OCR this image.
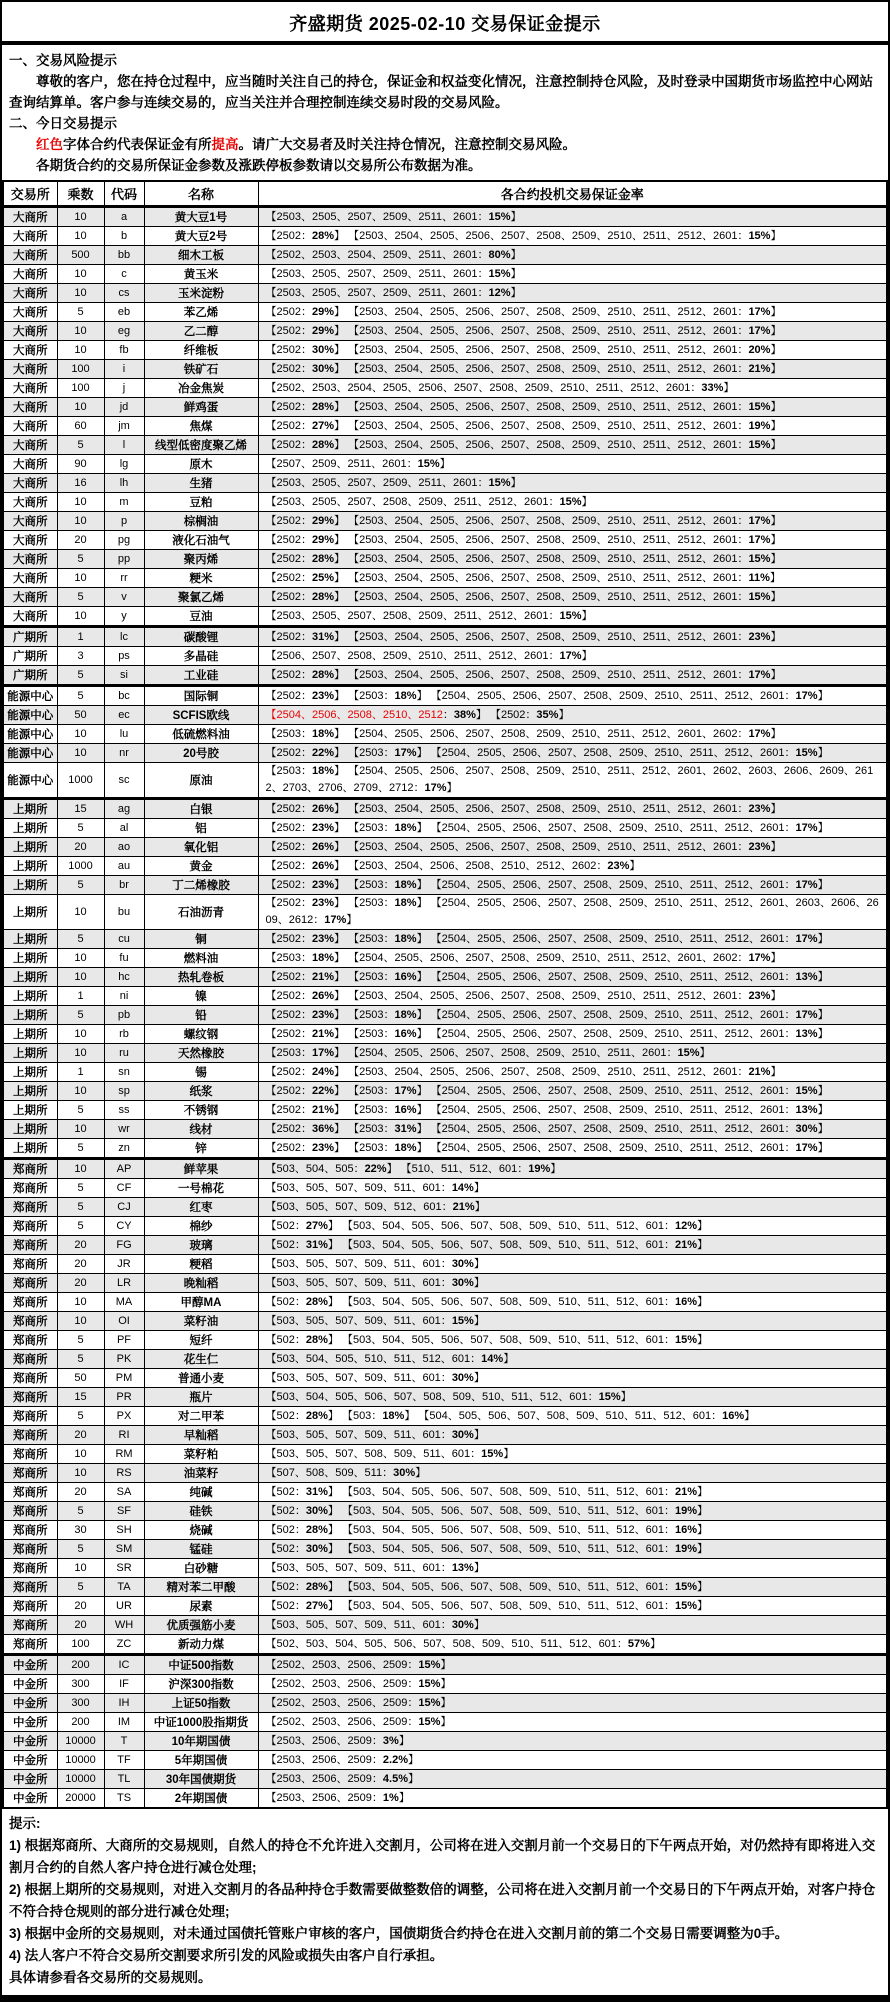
齐盛期货 2025-02-10 交易保证金提示

一、交易风险提示

尊敬的客户，您在持仓过程中，应当随时关注自己的持仓，保证金和权益变化情况，注意控制持仓风险，及时登录中国期货市场监控中心网站查询结算单。客户参与连续交易的，应当关注并合理控制连续交易时段的交易风险。

二、今日交易提示

红色字体合约代表保证金有所提高。请广大交易者及时关注持仓情况，注意控制交易风险。

各期货合约的交易所保证金参数及涨跌停板参数请以交易所公布数据为准。

交易所	乘数	代码	名称	各合约投机交易保证金率
大商所	10	a	黄大豆1号	【2503、2505、2507、2509、2511、2601：15%】
大商所	10	b	黄大豆2号	【2502：28%】 【2503、2504、2505、2506、2507、2508、2509、2510、2511、2512、2601：15%】
大商所	500	bb	细木工板	【2502、2503、2504、2509、2511、2601：80%】
大商所	10	c	黄玉米	【2503、2505、2507、2509、2511、2601：15%】
大商所	10	cs	玉米淀粉	【2503、2505、2507、2509、2511、2601：12%】
大商所	5	eb	苯乙烯	【2502：29%】 【2503、2504、2505、2506、2507、2508、2509、2510、2511、2512、2601：17%】
大商所	10	eg	乙二醇	【2502：29%】 【2503、2504、2505、2506、2507、2508、2509、2510、2511、2512、2601：17%】
大商所	10	fb	纤维板	【2502：30%】 【2503、2504、2505、2506、2507、2508、2509、2510、2511、2512、2601：20%】
大商所	100	i	铁矿石	【2502：30%】 【2503、2504、2505、2506、2507、2508、2509、2510、2511、2512、2601：21%】
大商所	100	j	冶金焦炭	【2502、2503、2504、2505、2506、2507、2508、2509、2510、2511、2512、2601：33%】
大商所	10	jd	鲜鸡蛋	【2502：28%】 【2503、2504、2505、2506、2507、2508、2509、2510、2511、2512、2601：15%】
大商所	60	jm	焦煤	【2502：27%】 【2503、2504、2505、2506、2507、2508、2509、2510、2511、2512、2601：19%】
大商所	5	l	线型低密度聚乙烯	【2502：28%】 【2503、2504、2505、2506、2507、2508、2509、2510、2511、2512、2601：15%】
大商所	90	lg	原木	【2507、2509、2511、2601：15%】
大商所	16	lh	生猪	【2503、2505、2507、2509、2511、2601：15%】
大商所	10	m	豆粕	【2503、2505、2507、2508、2509、2511、2512、2601：15%】
大商所	10	p	棕榈油	【2502：29%】 【2503、2504、2505、2506、2507、2508、2509、2510、2511、2512、2601：17%】
大商所	20	pg	液化石油气	【2502：29%】 【2503、2504、2505、2506、2507、2508、2509、2510、2511、2512、2601：17%】
大商所	5	pp	聚丙烯	【2502：28%】 【2503、2504、2505、2506、2507、2508、2509、2510、2511、2512、2601：15%】
大商所	10	rr	粳米	【2502：25%】 【2503、2504、2505、2506、2507、2508、2509、2510、2511、2512、2601：11%】
大商所	5	v	聚氯乙烯	【2502：28%】 【2503、2504、2505、2506、2507、2508、2509、2510、2511、2512、2601：15%】
大商所	10	y	豆油	【2503、2505、2507、2508、2509、2511、2512、2601：15%】
广期所	1	lc	碳酸锂	【2502：31%】 【2503、2504、2505、2506、2507、2508、2509、2510、2511、2512、2601：23%】
广期所	3	ps	多晶硅	【2506、2507、2508、2509、2510、2511、2512、2601：17%】
广期所	5	si	工业硅	【2502：28%】 【2503、2504、2505、2506、2507、2508、2509、2510、2511、2512、2601：17%】
能源中心	5	bc	国际铜	【2502：23%】 【2503：18%】 【2504、2505、2506、2507、2508、2509、2510、2511、2512、2601：17%】
能源中心	50	ec	SCFIS欧线	【2504、2506、2508、2510、2512：38%】 【2502：35%】
能源中心	10	lu	低硫燃料油	【2503：18%】 【2504、2505、2506、2507、2508、2509、2510、2511、2512、2601、2602：17%】
能源中心	10	nr	20号胶	【2502：22%】 【2503：17%】 【2504、2505、2506、2507、2508、2509、2510、2511、2512、2601：15%】
能源中心	1000	sc	原油	【2503：18%】 【2504、2505、2506、2507、2508、2509、2510、2511、2512、2601、2602、2603、2606、2609、2612、2703、2706、2709、2712：17%】
上期所	15	ag	白银	【2502：26%】 【2503、2504、2505、2506、2507、2508、2509、2510、2511、2512、2601：23%】
上期所	5	al	铝	【2502：23%】 【2503：18%】 【2504、2505、2506、2507、2508、2509、2510、2511、2512、2601：17%】
上期所	20	ao	氧化铝	【2502：26%】 【2503、2504、2505、2506、2507、2508、2509、2510、2511、2512、2601：23%】
上期所	1000	au	黄金	【2502：26%】 【2503、2504、2506、2508、2510、2512、2602：23%】
上期所	5	br	丁二烯橡胶	【2502：23%】 【2503：18%】 【2504、2505、2506、2507、2508、2509、2510、2511、2512、2601：17%】
上期所	10	bu	石油沥青	【2502：23%】 【2503：18%】 【2504、2505、2506、2507、2508、2509、2510、2511、2512、2601、2603、2606、2609、2612：17%】
上期所	5	cu	铜	【2502：23%】 【2503：18%】 【2504、2505、2506、2507、2508、2509、2510、2511、2512、2601：17%】
上期所	10	fu	燃料油	【2503：18%】 【2504、2505、2506、2507、2508、2509、2510、2511、2512、2601、2602：17%】
上期所	10	hc	热轧卷板	【2502：21%】 【2503：16%】 【2504、2505、2506、2507、2508、2509、2510、2511、2512、2601：13%】
上期所	1	ni	镍	【2502：26%】 【2503、2504、2505、2506、2507、2508、2509、2510、2511、2512、2601：23%】
上期所	5	pb	铅	【2502：23%】 【2503：18%】 【2504、2505、2506、2507、2508、2509、2510、2511、2512、2601：17%】
上期所	10	rb	螺纹钢	【2502：21%】 【2503：16%】 【2504、2505、2506、2507、2508、2509、2510、2511、2512、2601：13%】
上期所	10	ru	天然橡胶	【2503：17%】 【2504、2505、2506、2507、2508、2509、2510、2511、2601：15%】
上期所	1	sn	锡	【2502：24%】 【2503、2504、2505、2506、2507、2508、2509、2510、2511、2512、2601：21%】
上期所	10	sp	纸浆	【2502：22%】 【2503：17%】 【2504、2505、2506、2507、2508、2509、2510、2511、2512、2601：15%】
上期所	5	ss	不锈钢	【2502：21%】 【2503：16%】 【2504、2505、2506、2507、2508、2509、2510、2511、2512、2601：13%】
上期所	10	wr	线材	【2502：36%】 【2503：31%】 【2504、2505、2506、2507、2508、2509、2510、2511、2512、2601：30%】
上期所	5	zn	锌	【2502：23%】 【2503：18%】 【2504、2505、2506、2507、2508、2509、2510、2511、2512、2601：17%】
郑商所	10	AP	鲜苹果	【503、504、505：22%】 【510、511、512、601：19%】
郑商所	5	CF	一号棉花	【503、505、507、509、511、601：14%】
郑商所	5	CJ	红枣	【503、505、507、509、512、601：21%】
郑商所	5	CY	棉纱	【502：27%】 【503、504、505、506、507、508、509、510、511、512、601：12%】
郑商所	20	FG	玻璃	【502：31%】 【503、504、505、506、507、508、509、510、511、512、601：21%】
郑商所	20	JR	粳稻	【503、505、507、509、511、601：30%】
郑商所	20	LR	晚籼稻	【503、505、507、509、511、601：30%】
郑商所	10	MA	甲醇MA	【502：28%】 【503、504、505、506、507、508、509、510、511、512、601：16%】
郑商所	10	OI	菜籽油	【503、505、507、509、511、601：15%】
郑商所	5	PF	短纤	【502：28%】 【503、504、505、506、507、508、509、510、511、512、601：15%】
郑商所	5	PK	花生仁	【503、504、505、510、511、512、601：14%】
郑商所	50	PM	普通小麦	【503、505、507、509、511、601：30%】
郑商所	15	PR	瓶片	【503、504、505、506、507、508、509、510、511、512、601：15%】
郑商所	5	PX	对二甲苯	【502：28%】 【503：18%】 【504、505、506、507、508、509、510、511、512、601：16%】
郑商所	20	RI	早籼稻	【503、505、507、509、511、601：30%】
郑商所	10	RM	菜籽粕	【503、505、507、508、509、511、601：15%】
郑商所	10	RS	油菜籽	【507、508、509、511：30%】
郑商所	20	SA	纯碱	【502：31%】 【503、504、505、506、507、508、509、510、511、512、601：21%】
郑商所	5	SF	硅铁	【502：30%】 【503、504、505、506、507、508、509、510、511、512、601：19%】
郑商所	30	SH	烧碱	【502：28%】 【503、504、505、506、507、508、509、510、511、512、601：16%】
郑商所	5	SM	锰硅	【502：30%】 【503、504、505、506、507、508、509、510、511、512、601：19%】
郑商所	10	SR	白砂糖	【503、505、507、509、511、601：13%】
郑商所	5	TA	精对苯二甲酸	【502：28%】 【503、504、505、506、507、508、509、510、511、512、601：15%】
郑商所	20	UR	尿素	【502：27%】 【503、504、505、506、507、508、509、510、511、512、601：15%】
郑商所	20	WH	优质强筋小麦	【503、505、507、509、511、601：30%】
郑商所	100	ZC	新动力煤	【502、503、504、505、506、507、508、509、510、511、512、601：57%】
中金所	200	IC	中证500指数	【2502、2503、2506、2509：15%】
中金所	300	IF	沪深300指数	【2502、2503、2506、2509：15%】
中金所	300	IH	上证50指数	【2502、2503、2506、2509：15%】
中金所	200	IM	中证1000股指期货	【2502、2503、2506、2509：15%】
中金所	10000	T	10年期国债	【2503、2506、2509：3%】
中金所	10000	TF	5年期国债	【2503、2506、2509：2.2%】
中金所	10000	TL	30年国债期货	【2503、2506、2509：4.5%】
中金所	20000	TS	2年期国债	【2503、2506、2509：1%】

提示:

1) 根据郑商所、大商所的交易规则，自然人的持仓不允许进入交割月，公司将在进入交割月前一个交易日的下午两点开始，对仍然持有即将进入交割月合约的自然人客户持仓进行减仓处理;

2) 根据上期所的交易规则，对进入交割月的各品种持仓手数需要做整数倍的调整，公司将在进入交割月前一个交易日的下午两点开始，对客户持仓不符合持仓规则的部分进行减仓处理;

3) 根据中金所的交易规则，对未通过国债托管账户审核的客户，国债期货合约持仓在进入交割月前的第二个交易日需要调整为0手。

4) 法人客户不符合交易所交割要求所引发的风险或损失由客户自行承担。

具体请参看各交易所的交易规则。
